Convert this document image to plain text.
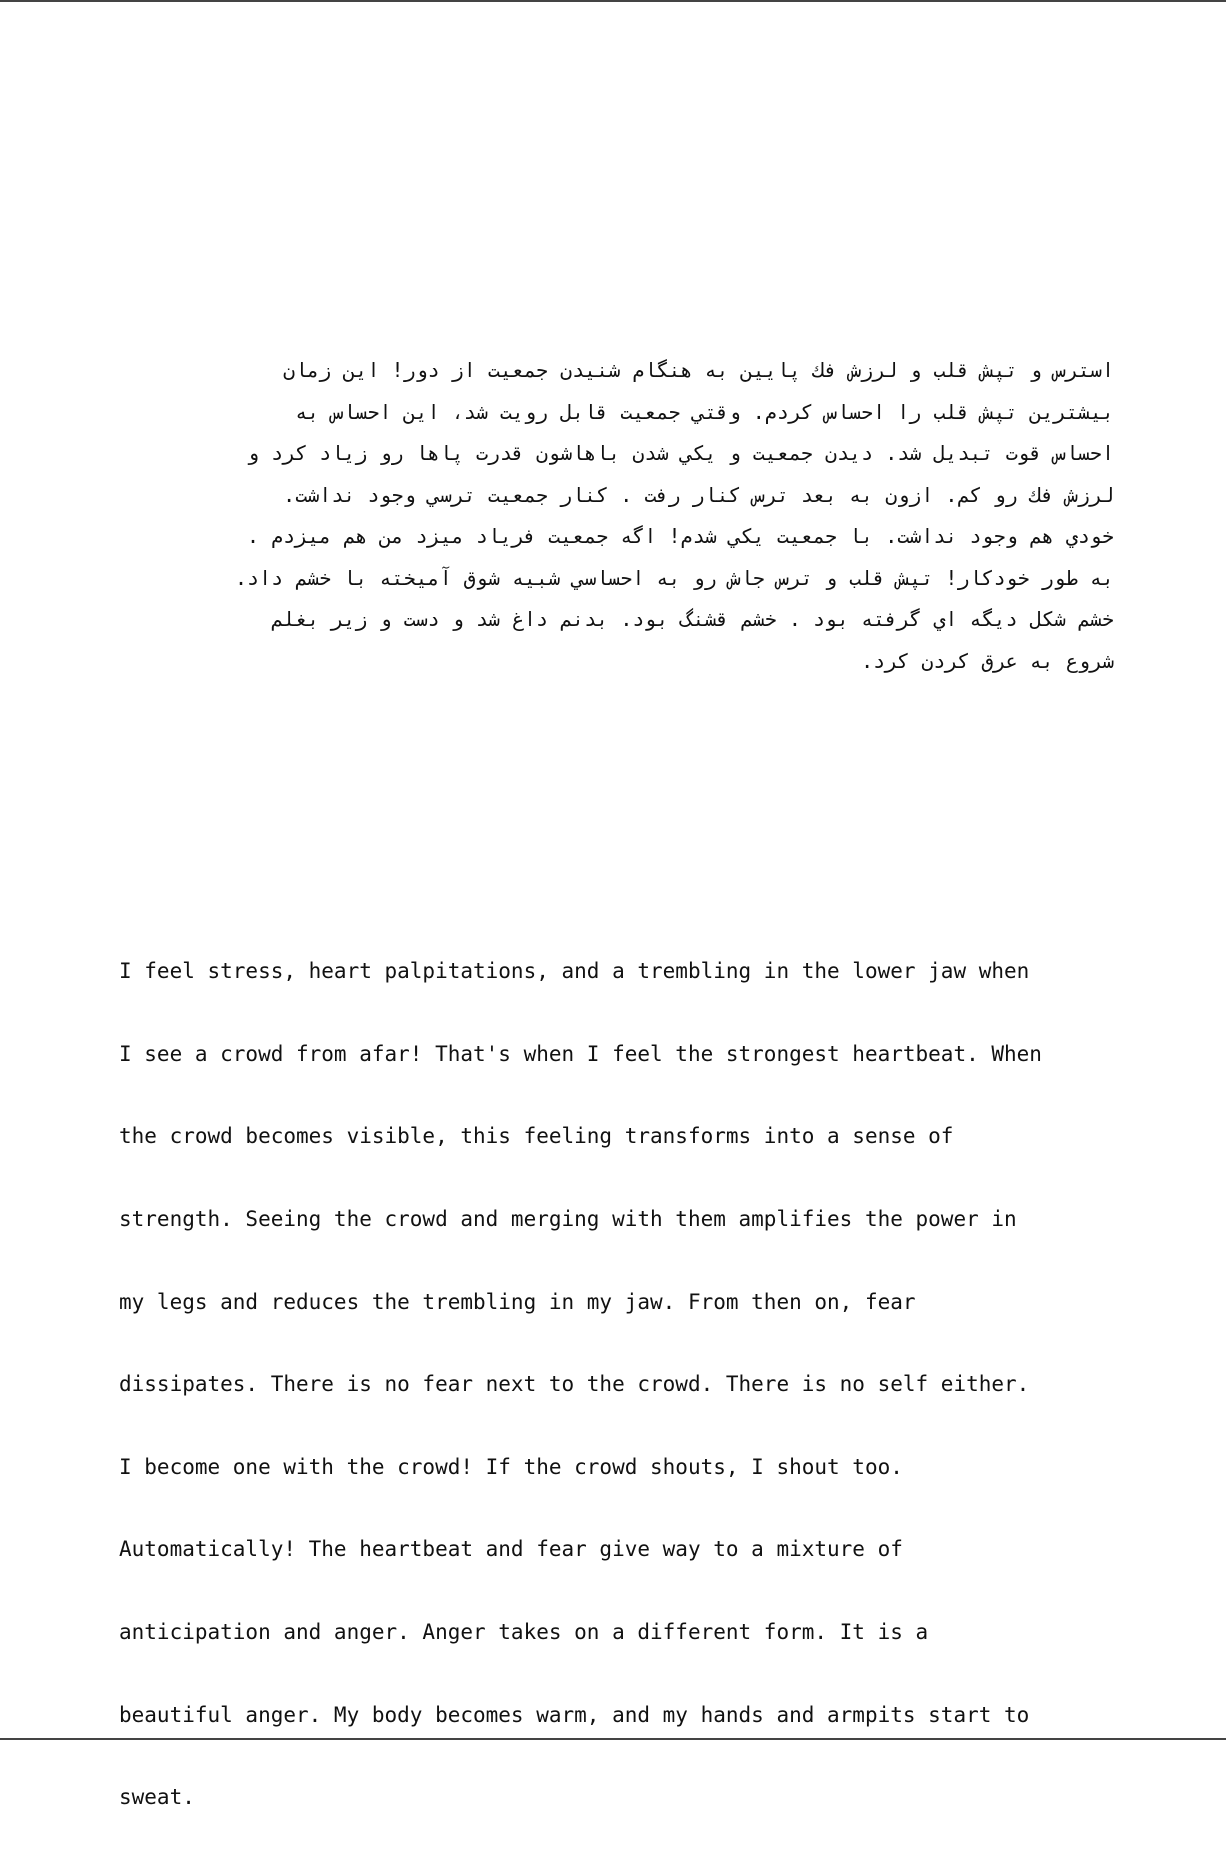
استرس و تپش قلب و لرزش فك پايين به هنگام شنيدن جمعيت از دور! اين زمان
بيشترين تپش قلب را احساس كردم. وقتي جمعيت قابل رويت شد، اين احساس به
احساس قوت تبديل شد. ديدن جمعيت و يكي شدن باهاشون قدرت پاها رو زياد كرد و
لرزش فك رو كم. ازون به بعد ترس كنار رفت . كنار جمعيت ترسي وجود نداشت.
خودي هم وجود نداشت. با جمعيت يكي شدم! اگه جمعيت فرياد ميزد من هم ميزدم .
به طور خودكار! تپش قلب و ترس جاش رو به احساسي شبيه شوق آميخته با خشم داد.
خشم شكل ديگه اي گرفته بود . خشم قشنگ بود. بدنم داغ شد و دست و زير بغلم
شروع به عرق كردن كرد.

I feel stress, heart palpitations, and a trembling in the lower jaw when

I see a crowd from afar! That's when I feel the strongest heartbeat. When

the crowd becomes visible, this feeling transforms into a sense of

strength. Seeing the crowd and merging with them amplifies the power in

my legs and reduces the trembling in my jaw. From then on, fear

dissipates. There is no fear next to the crowd. There is no self either.

I become one with the crowd! If the crowd shouts, I shout too.

Automatically! The heartbeat and fear give way to a mixture of

anticipation and anger. Anger takes on a different form. It is a

beautiful anger. My body becomes warm, and my hands and armpits start to

sweat.
